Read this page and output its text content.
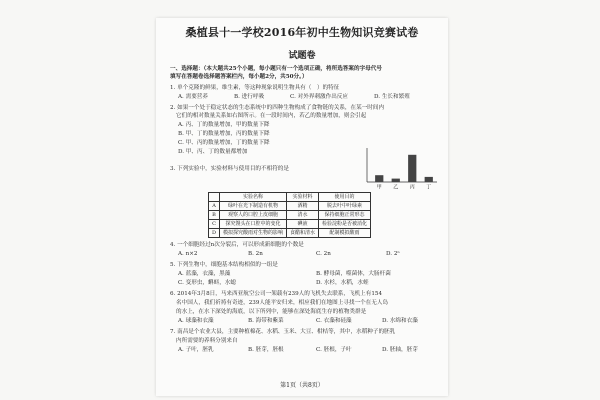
桑植县十一学校2016年初中生物知识竞赛试卷
试题卷
一、选择题：（本大题共25个小题，每小题只有一个选项正确，将所选答案的字母代号
填写在答题卷选择题答案栏内，每小题2分，共50分。）
1. 单个克隆的鲜果，维生素，等这种现象说明生物具有（　）的特征
A. 需要营养	B. 进行呼吸	C. 对外界刺激作出反应	D. 生长和繁殖
2. 如果一个处于稳定状态的生态系统中的四种生物构成了食物链的关系，在某一时间内
它们的相对数量关系如右图所示。在一段时间内，若乙的数量增加，则会引起
A. 丙、丁的数量增加，甲的数量下降
B. 甲、丁的数量增加，丙的数量下降
C. 甲、丙的数量增加，丁的数量下降
D. 甲、丙、丁的数量都增加
甲 乙 丙 丁
3. 下列实验中，实验材料与使用目的不相符的是
	实验名称	实验材料	使用目的
A	绿叶在光下制造有机物	酒精	脱去叶中叶绿素
B	观察人的口腔上皮细胞	清水	保持细胞正常形态
C	探究馒头在口腔中的变化	碘液	检验淀粉是否被消化
D	模拟探究酸雨对生物的影响	食醋和清水	配制模拟酸雨
4. 一个细胞经过n次分裂后，可以形成新细胞的个数是
A. n×2	B. 2n	C. 2n	D. 2ⁿ
5. 下列生物中，细胞基本结构相似的一组是
A. 蓝藻，衣藻，黑藻	B. 酵母菌，噬菌体，大肠杆菌
C. 变形虫，蝌蚪，水螅	D. 水杉，水稻，水蛭
6. 2014年3月8日，马来西亚航空公司一架载有239人的飞机失去联系，飞机上有154
名中国人，我们祈祷有奇迹，239人能平安归来，相应我们在地图上寻找一个在无人岛
的水上，在水下深处的海底，以下所列中，能够在深处海底生存的植物类群是
A. 球藻和衣藻	B. 海带和紫菜	C. 衣藻和硅藻	D. 水绵和衣藻
7. 南昌是个农业大县，主要种植棉花、水稻、玉米、大豆、柑桔等，其中，水稻种子的胚乳
内所需要的养料分别来自
A. 子叶，胚乳	B. 胚芽，胚根	C. 胚根，子叶	D. 胚轴，胚芽
第1页（共8页）
